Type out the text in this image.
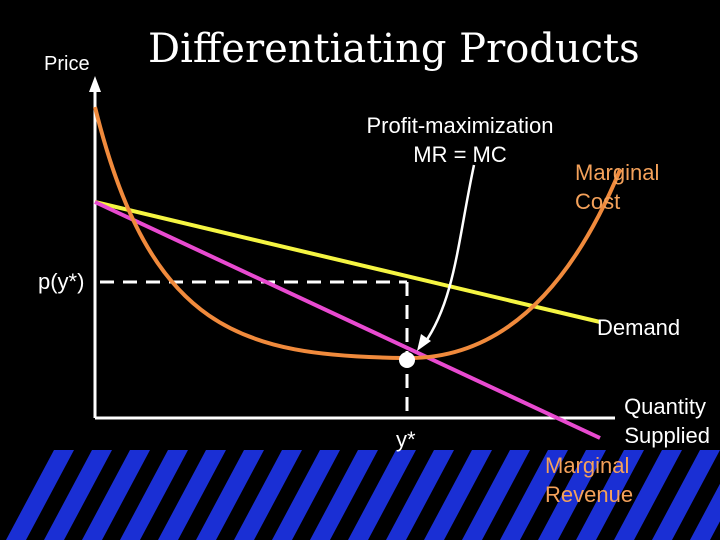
Price Differentiating Products
Profit-maximization
MR = MC
Marginal
Cost
p(y*)
Demand
y*
Quantity
Supplied
Marginal
Revenue
